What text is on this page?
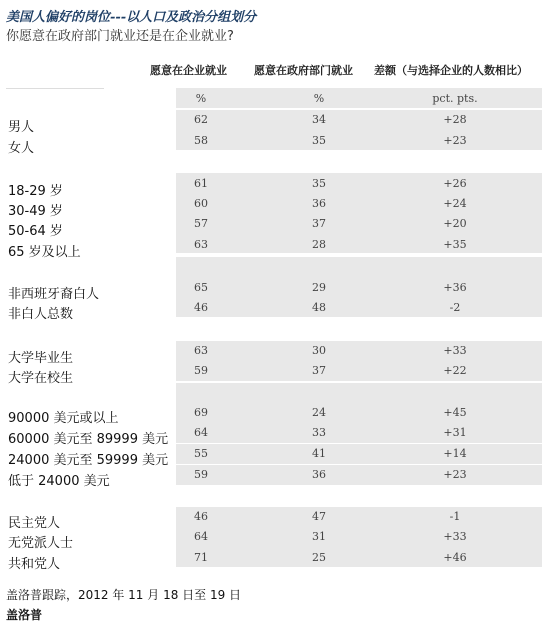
美国人偏好的岗位---以人口及政治分组划分
你愿意在政府部门就业还是在企业就业?
愿意在企业就业 愿意在政府部门就业 差额（与选择企业的人数相比）
%	%	pct. pts.
男人
62	34	+28
女人
58	35	+23
18-29 岁
61	35	+26
30-49 岁
60	36	+24
50-64 岁
57	37	+20
65 岁及以上
63	28	+35
非西班牙裔白人	65	29	+36
非白人总数	46	48	-2
大学毕业生
63	30	+33
大学在校生
59	37	+22
90000 美元或以上	69	24	+45
60000 美元至 89999 美元	64	33	+31
24000 美元至 59999 美元	55	41	+14
低于 24000 美元	59	36	+23
民主党人	46	47	-1
无党派人士	64	31	+33
共和党人	71	25	+46
盖洛普跟踪，2012 年 11 月 18 日至 19 日
盖洛普
